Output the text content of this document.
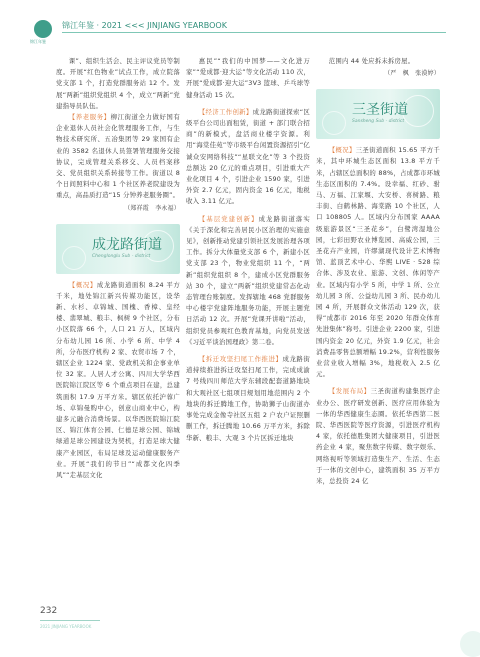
锦江年鉴
锦江年鉴 · 2021 <<< JINJIANG YEARBOOK

课”、组织生活会、民主评议党员等制度。开展“红色物业”试点工作，成立院落党支部 1 个，打造党群服务站 12 个。发展“两新”组织党组织 4 个，成立“两新”党建指导员队伍。

【养老服务】柳江街道全力做好国有企业退休人员社会化管理服务工作，与生物技术研究所、五冶集团等 29 家国有企业的 3582 名退休人员签署管理服务交接协议，完成管理关系移交、人员档案移交、党员组织关系转接等工作。街道以 8 个日间照料中心和 1 个社区养老院建设为重点，高品质打造“15 分钟养老服务圈”。

（郑祥霞　李永福）

成龙路街道
Chenglonglu Sub - district

【概况】成龙路街道面积 8.24 平方千米，地处锦江新兴传媒功能区，设华新、水杉、卓锦城、国槐、香樟、皇经楼、翡翠城、粮丰、枫树 9 个社区，分布小区院落 66 个，人口 21 万人，区域内分布幼儿园 16 所、小学 6 所、中学 4 所，分布医疗机构 2 家、农贸市场 7 个，辖区企业 1224 家、党政机关和企事业单位 32 家。人居人才公寓、四川大学华西医院锦江院区等 6 个重点项目在建，总建筑面积 17.9 万平方米。辖区依托沪蓉广场、卓锦曼购中心，创意山商业中心，构建多元融合消费场景。以华西医院锦江院区、锦江体育公园、仁德足球公园、锦城绿道足球公园建设为契机，打造足球大健康产业园区，布局足球及运动健康服务产业。开展“我们的节日”“成都文化四季风”“走基层文化

惠民”“我们的中国梦——文化进万家”“爱成都·迎大运”等文化活动 110 次，开展“爱成都·迎大运”3V3 篮球、乒乓球等健身活动 15 次。

【经济工作创新】成龙路街道探索“区级平台公司出面租赁，街道 + 部门联合招商”的新模式，盘活商业楼宇资源。利用“海棠佳苑”等市级平台闲置资源招引“亿诚众安网络科技”“星联文化”等 3 个投资总额达 20 亿元的重点项目，引进重大产业化项目 4 个，引进企业 1590 家，引进外资 2.7 亿元，固内资金 16 亿元，地税收入 3.11 亿元。

【基层党建创新】成龙路街道落实《关于深化和完善居民小区治理的实施意见》，创新推动党建引领社区发展治理各项工作。拆分大体量党支部 6 个，新建小区党支部 23 个，物业党组织 11 个，“两新”组织党组织 8 个，建成小区党群服务站 30 个，建立“两新”组织党建常态化动态管理台账制度。发挥辖地 468 党群服务中心楼宇党建阵地服务功能，开展主题党日活动 12 次。开展“党课开讲啦”活动，组织党员参观红色教育基地，向党员发送《习近平谈治国理政》第二卷。

【拆迁攻坚扫尾工作推进】成龙路街道持续推进拆迁攻坚扫尾工作，完成成渝 7 号线四川师范大学东辅段配套道路地块和大观社区七组项目规划用地范围内 2 个地块的拆迁腾地工作，协助狮子山街道办事处完成金像寺社区五组 2 户农户证照删删工作，拆迁腾地 10.66 万平方米，拆除华新、粮丰、大观 3 个片区拆迁地块

范围内 44 处应拆未拆房屋。

（严　枫　张漠婷）

三圣街道
Sansheng Sub - district

【概况】三圣街道面积 15.65 平方千米，其中环城生态区面积 13.8 平方千米，占辖区总面积的 88%，占成都市环城生态区面积的 7.4%。设幸福、红砂、驸马、万福、江家堰、大安桥、喜树路、粮丰街、白鹤林路、海棠路 10 个社区，人口 108805 人。区域内分布国家 AAAA 级旅游景区“三圣花乡”，白鹭湾湿地公园，七彩田野农业博览园、高威公园，三圣花卉产业园，许缪湖现代设计艺术博物馆、蓝顶艺术中心、华熙 LIVE · 528 综合体、涉及农业、旅游、文创、体闲等产业。区域内有小学 5 所，中学 1 所、公立幼儿园 3 所、公益幼儿园 3 所、民办幼儿园 4 所，开展群众文体活动 129 次，获得“成都市 2016 年至 2020 年群众体育先进集体”称号。引进企业 2200 家，引进国内资金 20 亿元，外资 1.9 亿元，社会消费品零售总额增幅 19.2%，营利性服务业营业收入增幅 3%，地税收入 2.5 亿元。

【发展布局】三圣街道构建集医疗企业办公、医疗研发创新、医疗应用体验为一体的华西健康生态圈。依托华西第二医院、华西医院等医疗资源，引进医疗机构 4 家，依托德胜集团大健康项目，引进医药企业 4 家，聚焦数字传媒、数字娱乐、网络视听等领域打造集生产、生活、生态于一体的文创中心，建筑面积 35 万平方米，总投资 24 亿

232
2021 JINJIANG YEARBOOK
